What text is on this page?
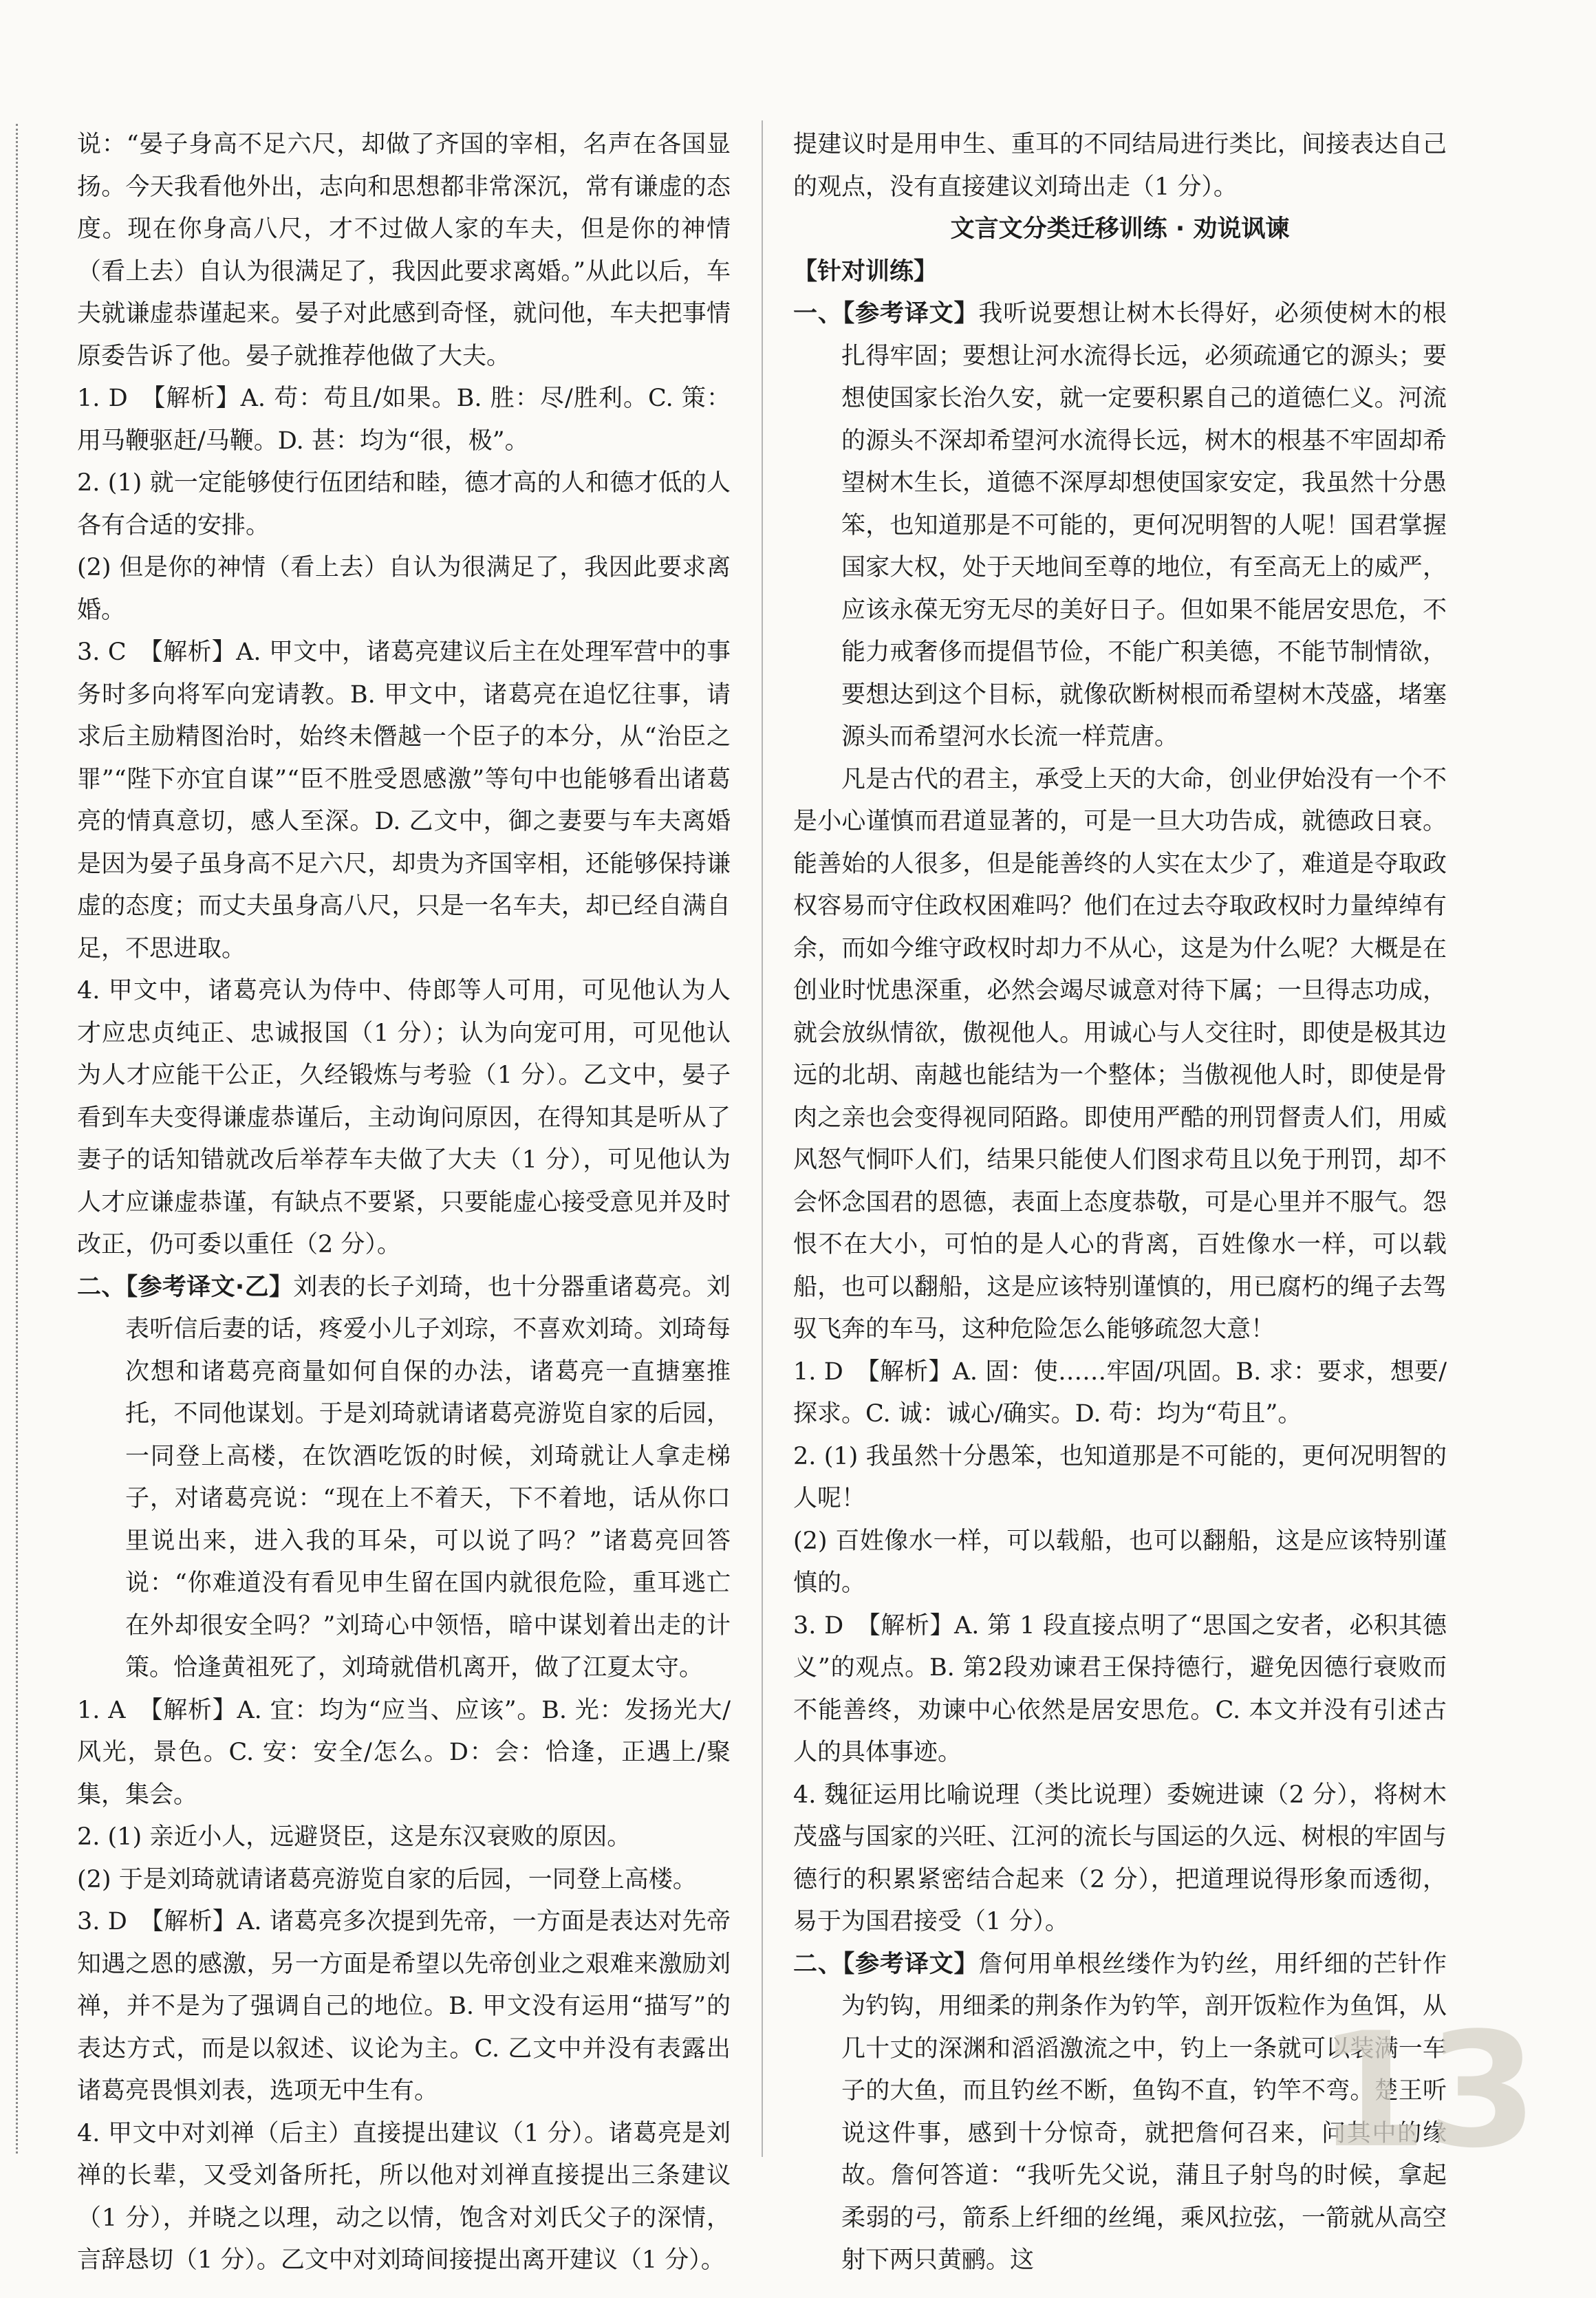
说：“晏子身高不足六尺，却做了齐国的宰相，名声在各国显扬。今天我看他外出，志向和思想都非常深沉，常有谦虚的态度。现在你身高八尺，才不过做人家的车夫，但是你的神情（看上去）自认为很满足了，我因此要求离婚。”从此以后，车夫就谦虚恭谨起来。晏子对此感到奇怪，就问他，车夫把事情原委告诉了他。晏子就推荐他做了大夫。

1. D　【解析】A. 苟：苟且/如果。B. 胜：尽/胜利。C. 策：用马鞭驱赶/马鞭。D. 甚：均为“很，极”。

2. (1) 就一定能够使行伍团结和睦，德才高的人和德才低的人各有合适的安排。

(2) 但是你的神情（看上去）自认为很满足了，我因此要求离婚。

3. C　【解析】A. 甲文中，诸葛亮建议后主在处理军营中的事务时多向将军向宠请教。B. 甲文中，诸葛亮在追忆往事，请求后主励精图治时，始终未僭越一个臣子的本分，从“治臣之罪”“陛下亦宜自谋”“臣不胜受恩感激”等句中也能够看出诸葛亮的情真意切，感人至深。D. 乙文中，御之妻要与车夫离婚是因为晏子虽身高不足六尺，却贵为齐国宰相，还能够保持谦虚的态度；而丈夫虽身高八尺，只是一名车夫，却已经自满自足，不思进取。

4. 甲文中，诸葛亮认为侍中、侍郎等人可用，可见他认为人才应忠贞纯正、忠诚报国（1 分）；认为向宠可用，可见他认为人才应能干公正，久经锻炼与考验（1 分）。乙文中，晏子看到车夫变得谦虚恭谨后，主动询问原因，在得知其是听从了妻子的话知错就改后举荐车夫做了大夫（1 分），可见他认为人才应谦虚恭谨，有缺点不要紧，只要能虚心接受意见并及时改正，仍可委以重任（2 分）。

二、【参考译文·乙】刘表的长子刘琦，也十分器重诸葛亮。刘表听信后妻的话，疼爱小儿子刘琮，不喜欢刘琦。刘琦每次想和诸葛亮商量如何自保的办法，诸葛亮一直搪塞推托，不同他谋划。于是刘琦就请诸葛亮游览自家的后园，一同登上高楼，在饮酒吃饭的时候，刘琦就让人拿走梯子，对诸葛亮说：“现在上不着天，下不着地，话从你口里说出来，进入我的耳朵，可以说了吗？”诸葛亮回答说：“你难道没有看见申生留在国内就很危险，重耳逃亡在外却很安全吗？”刘琦心中领悟，暗中谋划着出走的计策。恰逢黄祖死了，刘琦就借机离开，做了江夏太守。

1. A　【解析】A. 宜：均为“应当、应该”。B. 光：发扬光大/风光，景色。C. 安：安全/怎么。D：会：恰逢，正遇上/聚集，集会。

2. (1) 亲近小人，远避贤臣，这是东汉衰败的原因。

(2) 于是刘琦就请诸葛亮游览自家的后园，一同登上高楼。

3. D　【解析】A. 诸葛亮多次提到先帝，一方面是表达对先帝知遇之恩的感激，另一方面是希望以先帝创业之艰难来激励刘禅，并不是为了强调自己的地位。B. 甲文没有运用“描写”的表达方式，而是以叙述、议论为主。C. 乙文中并没有表露出诸葛亮畏惧刘表，选项无中生有。

4. 甲文中对刘禅（后主）直接提出建议（1 分）。诸葛亮是刘禅的长辈，又受刘备所托，所以他对刘禅直接提出三条建议（1 分），并晓之以理，动之以情，饱含对刘氏父子的深情，言辞恳切（1 分）。乙文中对刘琦间接提出离开建议（1 分）。

提建议时是用申生、重耳的不同结局进行类比，间接表达自己的观点，没有直接建议刘琦出走（1 分）。

文言文分类迁移训练 · 劝说讽谏

【针对训练】

一、【参考译文】我听说要想让树木长得好，必须使树木的根扎得牢固；要想让河水流得长远，必须疏通它的源头；要想使国家长治久安，就一定要积累自己的道德仁义。河流的源头不深却希望河水流得长远，树木的根基不牢固却希望树木生长，道德不深厚却想使国家安定，我虽然十分愚笨，也知道那是不可能的，更何况明智的人呢！国君掌握国家大权，处于天地间至尊的地位，有至高无上的威严，应该永葆无穷无尽的美好日子。但如果不能居安思危，不能力戒奢侈而提倡节俭，不能广积美德，不能节制情欲，要想达到这个目标，就像砍断树根而希望树木茂盛，堵塞源头而希望河水长流一样荒唐。

凡是古代的君主，承受上天的大命，创业伊始没有一个不是小心谨慎而君道显著的，可是一旦大功告成，就德政日衰。能善始的人很多，但是能善终的人实在太少了，难道是夺取政权容易而守住政权困难吗？他们在过去夺取政权时力量绰绰有余，而如今维守政权时却力不从心，这是为什么呢？大概是在创业时忧患深重，必然会竭尽诚意对待下属；一旦得志功成，就会放纵情欲，傲视他人。用诚心与人交往时，即使是极其边远的北胡、南越也能结为一个整体；当傲视他人时，即使是骨肉之亲也会变得视同陌路。即使用严酷的刑罚督责人们，用威风怒气恫吓人们，结果只能使人们图求苟且以免于刑罚，却不会怀念国君的恩德，表面上态度恭敬，可是心里并不服气。怨恨不在大小，可怕的是人心的背离，百姓像水一样，可以载船，也可以翻船，这是应该特别谨慎的，用已腐朽的绳子去驾驭飞奔的车马，这种危险怎么能够疏忽大意！

1. D　【解析】A. 固：使……牢固/巩固。B. 求：要求，想要/探求。C. 诚：诚心/确实。D. 苟：均为“苟且”。

2. (1) 我虽然十分愚笨，也知道那是不可能的，更何况明智的人呢！

(2) 百姓像水一样，可以载船，也可以翻船，这是应该特别谨慎的。

3. D　【解析】A. 第 1 段直接点明了“思国之安者，必积其德义”的观点。B. 第2段劝谏君王保持德行，避免因德行衰败而不能善终，劝谏中心依然是居安思危。C. 本文并没有引述古人的具体事迹。

4. 魏征运用比喻说理（类比说理）委婉进谏（2 分），将树木茂盛与国家的兴旺、江河的流长与国运的久远、树根的牢固与德行的积累紧密结合起来（2 分），把道理说得形象而透彻，易于为国君接受（1 分）。

二、【参考译文】詹何用单根丝缕作为钓丝，用纤细的芒针作为钓钩，用细柔的荆条作为钓竿，剖开饭粒作为鱼饵，从几十丈的深渊和滔滔激流之中，钓上一条就可以装满一车子的大鱼，而且钓丝不断，鱼钩不直，钓竿不弯。楚王听说这件事，感到十分惊奇，就把詹何召来，问其中的缘故。詹何答道：“我听先父说，蒲且子射鸟的时候，拿起柔弱的弓，箭系上纤细的丝绳，乘风拉弦，一箭就从高空射下两只黄鹂。这

13
